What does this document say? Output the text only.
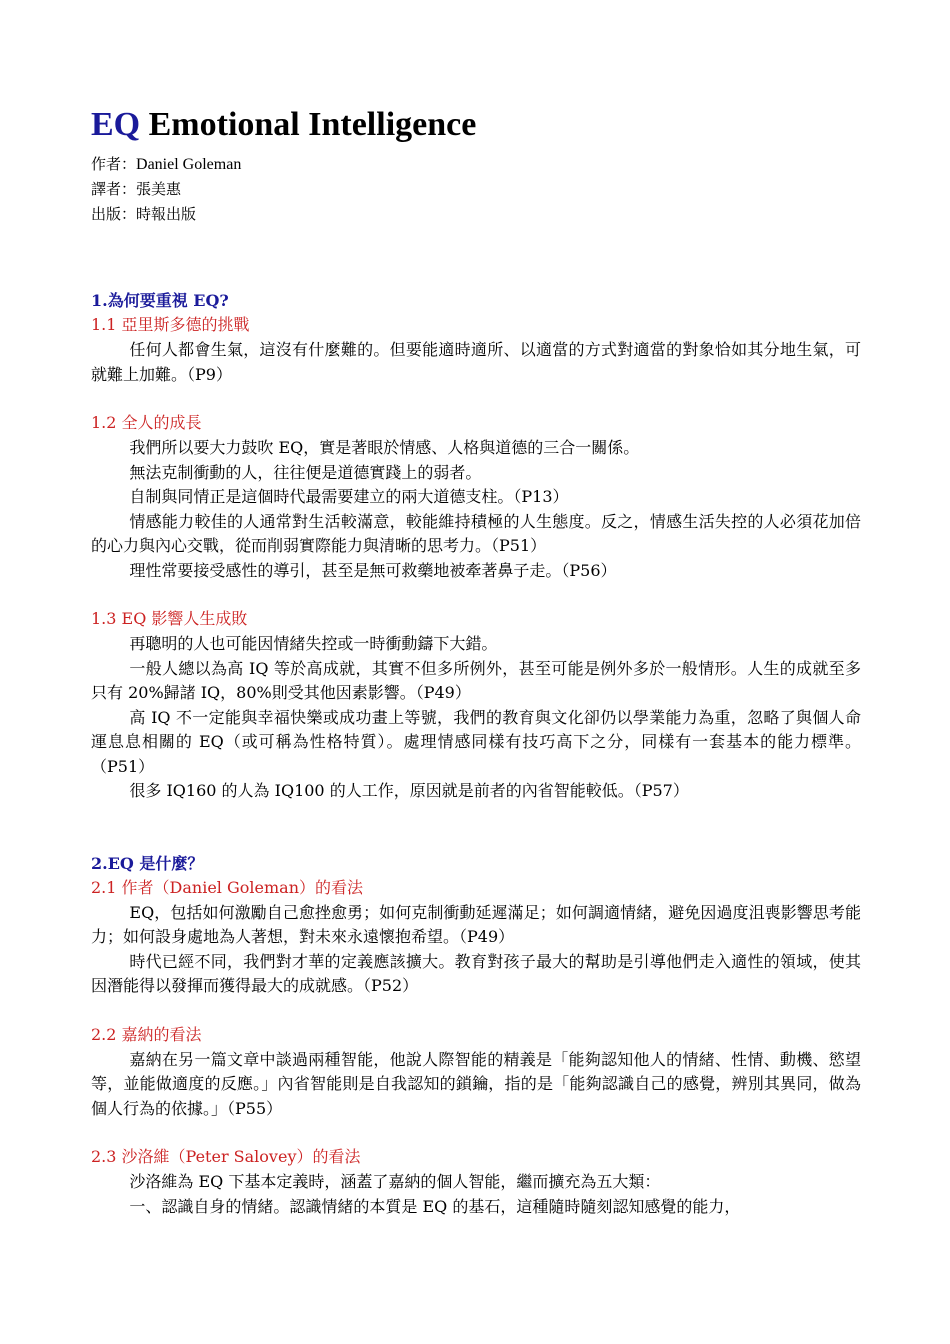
EQ Emotional Intelligence
作者：Daniel Goleman
譯者：張美惠
出版：時報出版
1.為何要重視 EQ?
1.1 亞里斯多德的挑戰
任何人都會生氣，這沒有什麼難的。但要能適時適所、以適當的方式對適當的對象恰如其分地生氣，可就難上加難。（P9）
1.2 全人的成長
我們所以要大力鼓吹 EQ，實是著眼於情感、人格與道德的三合一關係。
無法克制衝動的人，往往便是道德實踐上的弱者。
自制與同情正是這個時代最需要建立的兩大道德支柱。（P13）
情感能力較佳的人通常對生活較滿意，較能維持積極的人生態度。反之，情感生活失控的人必須花加倍的心力與內心交戰，從而削弱實際能力與清晰的思考力。（P51）
理性常要接受感性的導引，甚至是無可救藥地被牽著鼻子走。（P56）
1.3 EQ 影響人生成敗
再聰明的人也可能因情緒失控或一時衝動鑄下大錯。
一般人總以為高 IQ 等於高成就，其實不但多所例外，甚至可能是例外多於一般情形。人生的成就至多只有 20%歸諸 IQ，80%則受其他因素影響。（P49）
高 IQ 不一定能與幸福快樂或成功畫上等號，我們的教育與文化卻仍以學業能力為重，忽略了與個人命運息息相關的 EQ（或可稱為性格特質）。處理情感同樣有技巧高下之分，同樣有一套基本的能力標準。（P51）
很多 IQ160 的人為 IQ100 的人工作，原因就是前者的內省智能較低。（P57）
2.EQ 是什麼？
2.1 作者（Daniel Goleman）的看法
EQ，包括如何激勵自己愈挫愈勇；如何克制衝動延遲滿足；如何調適情緒，避免因過度沮喪影響思考能力；如何設身處地為人著想，對未來永遠懷抱希望。（P49）
時代已經不同，我們對才華的定義應該擴大。教育對孩子最大的幫助是引導他們走入適性的領域，使其因潛能得以發揮而獲得最大的成就感。（P52）
2.2 嘉納的看法
嘉納在另一篇文章中談過兩種智能，他說人際智能的精義是「能夠認知他人的情緒、性情、動機、慾望等，並能做適度的反應。」內省智能則是自我認知的鎖鑰，指的是「能夠認識自己的感覺，辨別其異同，做為個人行為的依據。」（P55）
2.3 沙洛維（Peter Salovey）的看法
沙洛維為 EQ 下基本定義時，涵蓋了嘉納的個人智能，繼而擴充為五大類：
一、認識自身的情緒。認識情緒的本質是 EQ 的基石，這種隨時隨刻認知感覺的能力，
